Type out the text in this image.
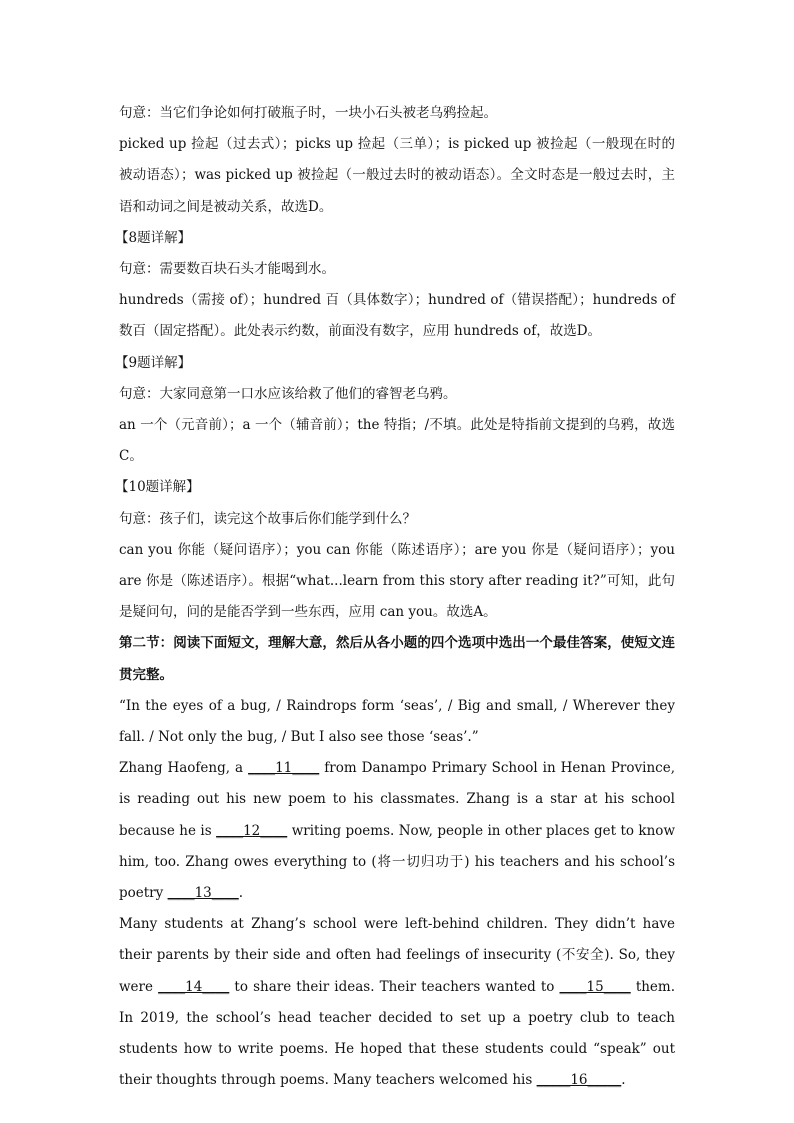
句意：当它们争论如何打破瓶子时，一块小石头被老乌鸦捡起。

picked up 捡起（过去式）；picks up 捡起（三单）；is picked up 被捡起（一般现在时的被动语态）；was picked up 被捡起（一般过去时的被动语态）。全文时态是一般过去时，主语和动词之间是被动关系，故选D。

【8题详解】

句意：需要数百块石头才能喝到水。

hundreds（需接 of）；hundred 百（具体数字）；hundred of（错误搭配）；hundreds of 数百（固定搭配）。此处表示约数，前面没有数字，应用 hundreds of，故选D。

【9题详解】

句意：大家同意第一口水应该给救了他们的睿智老乌鸦。

an 一个（元音前）；a 一个（辅音前）；the 特指；/不填。此处是特指前文提到的乌鸦，故选C。

【10题详解】

句意：孩子们，读完这个故事后你们能学到什么？

can you 你能（疑问语序）；you can 你能（陈述语序）；are you 你是（疑问语序）；you are 你是（陈述语序）。根据“what...learn from this story after reading it?”可知，此句是疑问句，问的是能否学到一些东西，应用 can you。故选A。

第二节：阅读下面短文，理解大意，然后从各小题的四个选项中选出一个最佳答案，使短文连贯完整。

“In the eyes of a bug, / Raindrops form ‘seas’, / Big and small, / Wherever they fall. / Not only the bug, / But I also see those ‘seas’.”

Zhang Haofeng, a ____11____ from Danampo Primary School in Henan Province, is reading out his new poem to his classmates. Zhang is a star at his school because he is ____12____ writing poems. Now, people in other places get to know him, too. Zhang owes everything to (将一切归功于) his teachers and his school’s poetry ____13____.

Many students at Zhang’s school were left-behind children. They didn’t have their parents by their side and often had feelings of insecurity (不安全). So, they were ____14____ to share their ideas. Their teachers wanted to ____15____ them. In 2019, the school’s head teacher decided to set up a poetry club to teach students how to write poems. He hoped that these students could “speak” out their thoughts through poems. Many teachers welcomed his _____16_____.
